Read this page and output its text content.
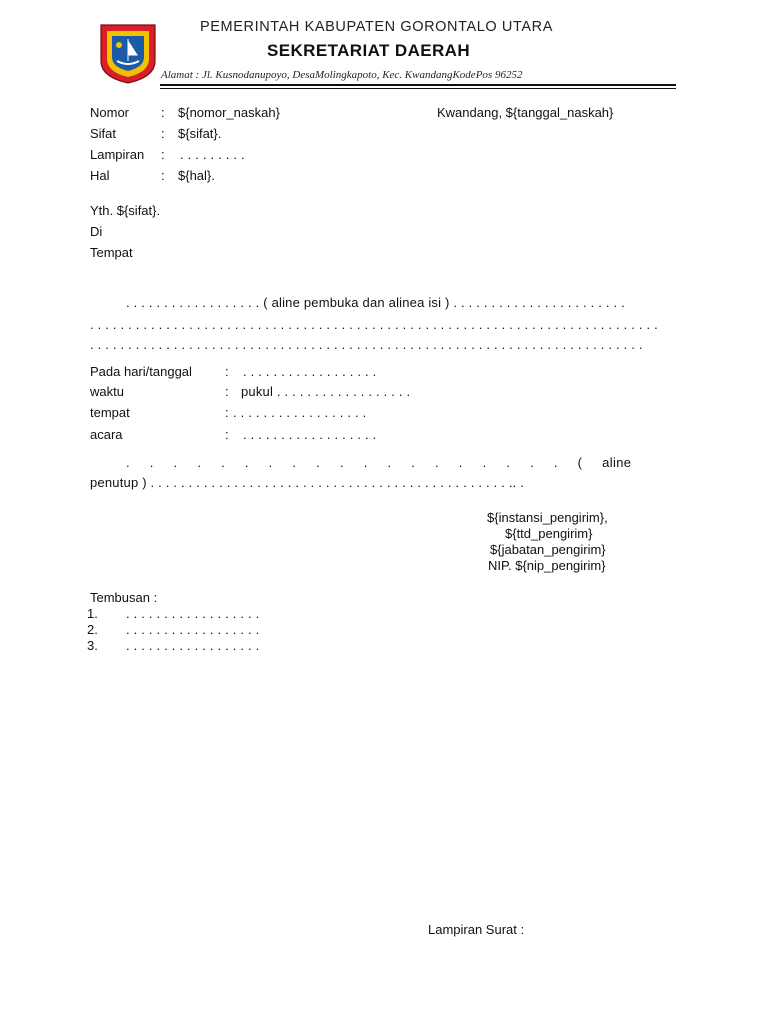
PEMERINTAH KABUPATEN GORONTALO UTARA
SEKRETARIAT DAERAH
Alamat : Jl. Kusnodanupoyo, DesaMolingkapoto, Kec. KwandangKodePos 96252
Nomor : ${nomor_naskah}	Kwandang, ${tanggal_naskah}
Sifat	: ${sifat}.
Lampiran : . . . . . . . . .
Hal	: ${hal}.
Yth. ${sifat}.
Di
Tempat
. . . . . . . . . . . . . . . . . . ( aline pembuka dan alinea isi ) . . . . . . . . . . . . . . . . . . . . . . .
. . . . . . . . . . . . . . . . . . . . . . . . . . . . . . . . . . . . . . . . . . . . . . . . . . . . . . . . . . . . . . . . . . . . . . . . . . .
. . . . . . . . . . . . . . . . . . . . . . . . . . . . . . . . . . . . . . . . . . . . . . . . . . . . . . . . . . . . . . . . . . . . . . . . .
Pada hari/tanggal	: . . . . . . . . . . . . . . . . . .
waktu	: pukul . . . . . . . . . . . . . . . . . .
tempat	: . . . . . . . . . . . . . . . . . .
acara	: . . . . . . . . . . . . . . . . . .
.     .     .     .     .     .     .     .     .     .     .     .     .     .     .     .     .     .     .     (     aline
penutup ) . . . . . . . . . . . . . . . . . . . . . . . . . . . . . . . . . . . . . . . . . . . . . . . .. .
${instansi_pengirim},
${ttd_pengirim}
${jabatan_pengirim}
NIP. ${nip_pengirim}
Tembusan :
1. . . . . . . . . . . . . . . . . . .
2. . . . . . . . . . . . . . . . . . .
3. . . . . . . . . . . . . . . . . . .
Lampiran Surat :
